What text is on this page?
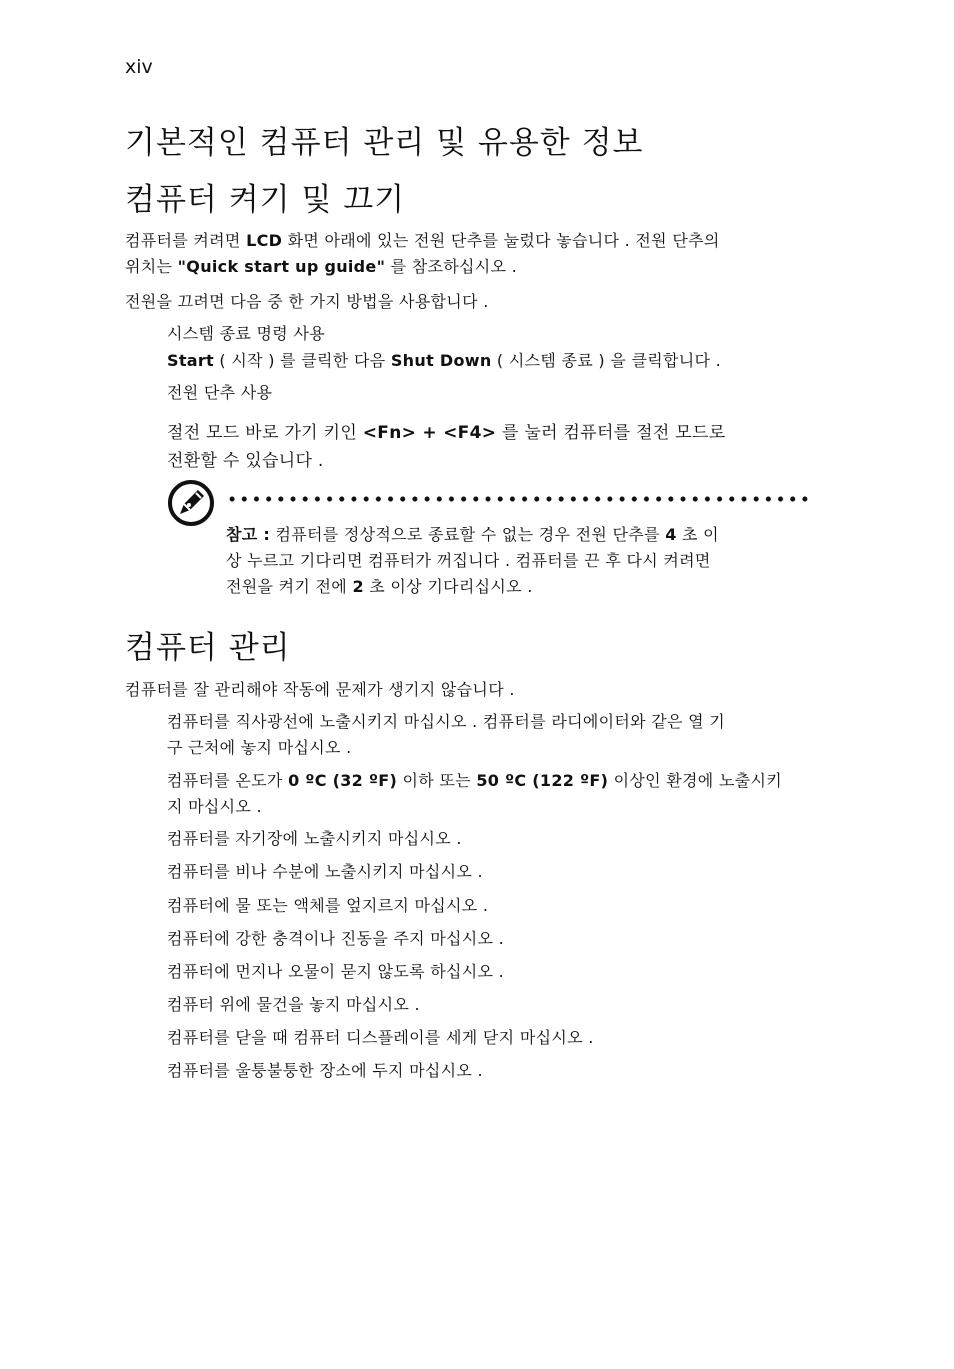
xiv
기본적인 컴퓨터 관리 및 유용한 정보
컴퓨터 켜기 및 끄기
컴퓨터를 켜려면 LCD 화면 아래에 있는 전원 단추를 눌렀다 놓습니다 . 전원 단추의
위치는 "Quick start up guide" 를 참조하십시오 .
전원을 끄려면 다음 중 한 가지 방법을 사용합니다 .
시스템 종료 명령 사용
Start ( 시작 ) 를 클릭한 다음 Shut Down ( 시스템 종료 ) 을 클릭합니다 .
전원 단추 사용
절전 모드 바로 가기 키인 <Fn> + <F4> 를 눌러 컴퓨터를 절전 모드로
전환할 수 있습니다 .
참고 : 컴퓨터를 정상적으로 종료할 수 없는 경우 전원 단추를 4 초 이
상 누르고 기다리면 컴퓨터가 꺼집니다 . 컴퓨터를 끈 후 다시 켜려면
전원을 켜기 전에 2 초 이상 기다리십시오 .
컴퓨터 관리
컴퓨터를 잘 관리해야 작동에 문제가 생기지 않습니다 .
컴퓨터를 직사광선에 노출시키지 마십시오 . 컴퓨터를 라디에이터와 같은 열 기
구 근처에 놓지 마십시오 .
컴퓨터를 온도가 0 ºC (32 ºF) 이하 또는 50 ºC (122 ºF) 이상인 환경에 노출시키
지 마십시오 .
컴퓨터를 자기장에 노출시키지 마십시오 .
컴퓨터를 비나 수분에 노출시키지 마십시오 .
컴퓨터에 물 또는 액체를 엎지르지 마십시오 .
컴퓨터에 강한 충격이나 진동을 주지 마십시오 .
컴퓨터에 먼지나 오물이 묻지 않도록 하십시오 .
컴퓨터 위에 물건을 놓지 마십시오 .
컴퓨터를 닫을 때 컴퓨터 디스플레이를 세게 닫지 마십시오 .
컴퓨터를 울퉁불퉁한 장소에 두지 마십시오 .
